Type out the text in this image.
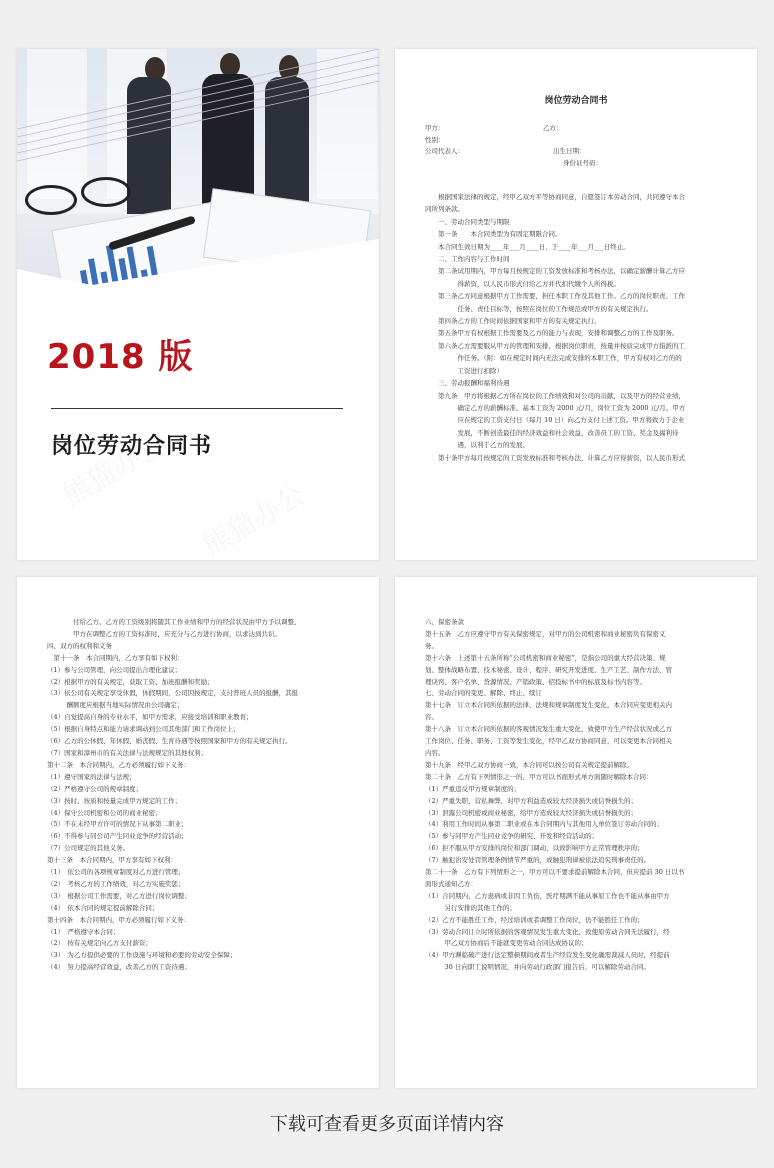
2018 版
岗位劳动合同书
岗位劳动合同书
甲方：	乙方：
性别：
公司代表人：	出生日期：
身份证号码：
　　根据国家法律的规定，经甲乙双方平等协商同意，自愿签订本劳动合同，共同遵守本合
同所列条款。
　　一、劳动合同类型与期限
　　第一条　　本合同类型为有固定期限合同。
　　本合同生效日期为____年___月____日，于____年___月___日终止。
　　二、工作内容与工作时间
　　第二条试用期内，甲方每月按规定的工资发放标准和考核办法，以确定薪酬计算乙方应
　　　　　得薪资，以人民币形式付给乙方并代扣代缴个人所得税。
　　第三条乙方同意根据甲方工作需要，担任本职工作及其他工作。乙方的岗位职责、工作
　　　　　任务、责任目标等，按照在岗位的工作规范或甲方的有关规定执行。
　　第四条乙方的工作时间依据国家和甲方的有关规定执行。
　　第五条甲方有权根据工作需要及乙方的能力与表现，安排和调整乙方的工作及职务。
　　第六条乙方需要服从甲方的管理和安排，根据岗位职责，按量并按质完成甲方指派的工
　　　　　作任务。（附：如在规定时间内无法完成安排的本职工作，甲方有权对乙方的的
　　　　　工资进行扣除）
　　三、劳动报酬和福利待遇
　　第九条　甲方将根据乙方所在岗位的工作绩效和对公司的贡献，以及甲方的经营业绩，
　　　　　确定乙方的薪酬标准。基本工资为 2000 元/月，岗位工资为 2000 元/月。甲方
　　　　　应在规定的工资支付日（每月 10 日）向乙方支付上述工资。甲方将致力于企业
　　　　　发展，不断创造最佳的经济效益和社会效益，改善员工的工资、奖金及福利待
　　　　　遇，以利于乙方的发展。
　　第十条甲方每月按规定的工资发放标准和考核办法，计算乙方应得薪资，以人民币形式
　　　　付给乙方。乙方的工资级别将随其工作业绩和甲方的经营状况由甲方予以调整，
　　　　甲方在调整乙方的工资标准时，应充分与乙方进行协商，以求达到共识。
四、双方的权利和义务
　第十一条　本合同期内，乙方享有如下权利：
（1）参与公司管理，向公司提出合理化建议；
（2）根据甲方的有关规定，获取工资、加班报酬和奖励；
（3）依公司有关规定享受休假，休假期间，公司因按规定，支付普班人员的报酬，其报
　　　酬额度应根据当地实际情况由公司确定；
（4）自觉提高自身的专业水平，如甲方需求，应接受培训和职业教育；
（5）根据自身特点和能力请求调动到公司其他部门和工作岗位上；
（6）乙方的公休假、年休假、婚丧假、生育待遇等按照国家和甲方的有关规定执行。
（7）国家和漳州市的有关法律与法规规定的其他权利；
第十二条　本合同期内，乙方必须履行如下义务：
（1）遵守国家的法律与法规；
（2）严格遵守公司的规章制度；
（3）按时、按质和按量完成甲方规定的工作；
（4）保守公司机密和公司的商业秘密；
（5）不在未经甲方许可的情况下从事第二职业；
（6）不得参与同公司产生同业竞争的经营活动；
（7）公司规定的其他义务。
第十三条　本合同期内，甲方享有如下权利：
（1）　依公司的各项规章制度对乙方进行管理；
（2）　考核乙方的工作绩效，对乙方实施奖惩；
（3）　根据公司工作需要，对乙方进行岗位调整；
（4）　依本合同的规定提前解除合同；
第十四条　本合同期内，甲方必须履行如下义务：
（1）　严格遵守本合同；
（2）　按有关规定向乙方支付薪资；
（3）　为乙方提供必要的工作设施与环境和必要的劳动安全保障；
（4）　努力提高经营效益，改善乙方的工资待遇；
六、保密条款
第十五条　乙方应遵守甲方有关保密规定，对甲方的公司机密和商业秘密负有保密义
务。
第十六条　上述第十五条所称“公司机密和商业秘密”，是指公司的重大经营决策、规
划、整体战略布置、技术秘密、设计、程序、研究开发进度、生产工艺、制作方法、管
理诀窍、客户名单、货源情况、产销政策、招投标书中的标底及标书内容等。
七、劳动合同的变更、解除、终止、续订
第十七条　订立本合同所依据的法律、法规和规章制度发生变化，本合同应变更相关内
容。
第十八条　订立本合同所依据的客观情况发生重大变化，致使甲方生产经营状况或乙方
工作岗位、任务、职务、工资等发生变化，经甲乙双方协商同意，可以变更本合同相关
内容。
第十九条　经甲乙双方协商一致，本合同可以按公司有关规定提前解除。
第二十条　乙方有下列情形之一的，甲方可以书面形式单方面随时解除本合同：
（1）严重违反甲方规章制度的；
（2）严重失职、营私舞弊，对甲方利益造成较大经济损失或信誉损失的；
（3）泄露公司机密或商业秘密，给甲方造成较大经济损失或信誉损失的；
（4）利用工作时间从事第二职业或在本合同期内与其他用人单位签订劳动合同的；
（5）参与同甲方产生同业竞争的研究、开发和经营活动的；
（6）拒不服从甲方安排的岗位和部门调动，以致影响甲方正常管理秩序的；
（7）触犯治安处罚管理条例情节严重的，或触犯刑律被依法追究刑事责任的。
第二十一条　乙方有下列情形之一，甲方可以不要求提前解除本合同，但应提前 30 日以书
面形式通知乙方：
（1）合同期内，乙方患病或非因工负伤，医疗期满不能从事原工作也不能从事由甲方
　　　另行安排的其他工作的；
（2）乙方不能胜任工作，经过培训或者调整工作岗位，仍不能胜任工作的；
（3）劳动合同订立时所依据的客观情况发生重大变化，致使原劳动合同无法履行，经
　　　甲乙双方协商后不能就变更劳动合同达成协议的；
（4）甲方濒临破产进行法定整顿期间或者生产经营发生变化确需裁减人员时，经提前
　　　30 日向职工说明情况，并向劳动行政部门报告后，可以解除劳动合同。
下载可查看更多页面详情内容
